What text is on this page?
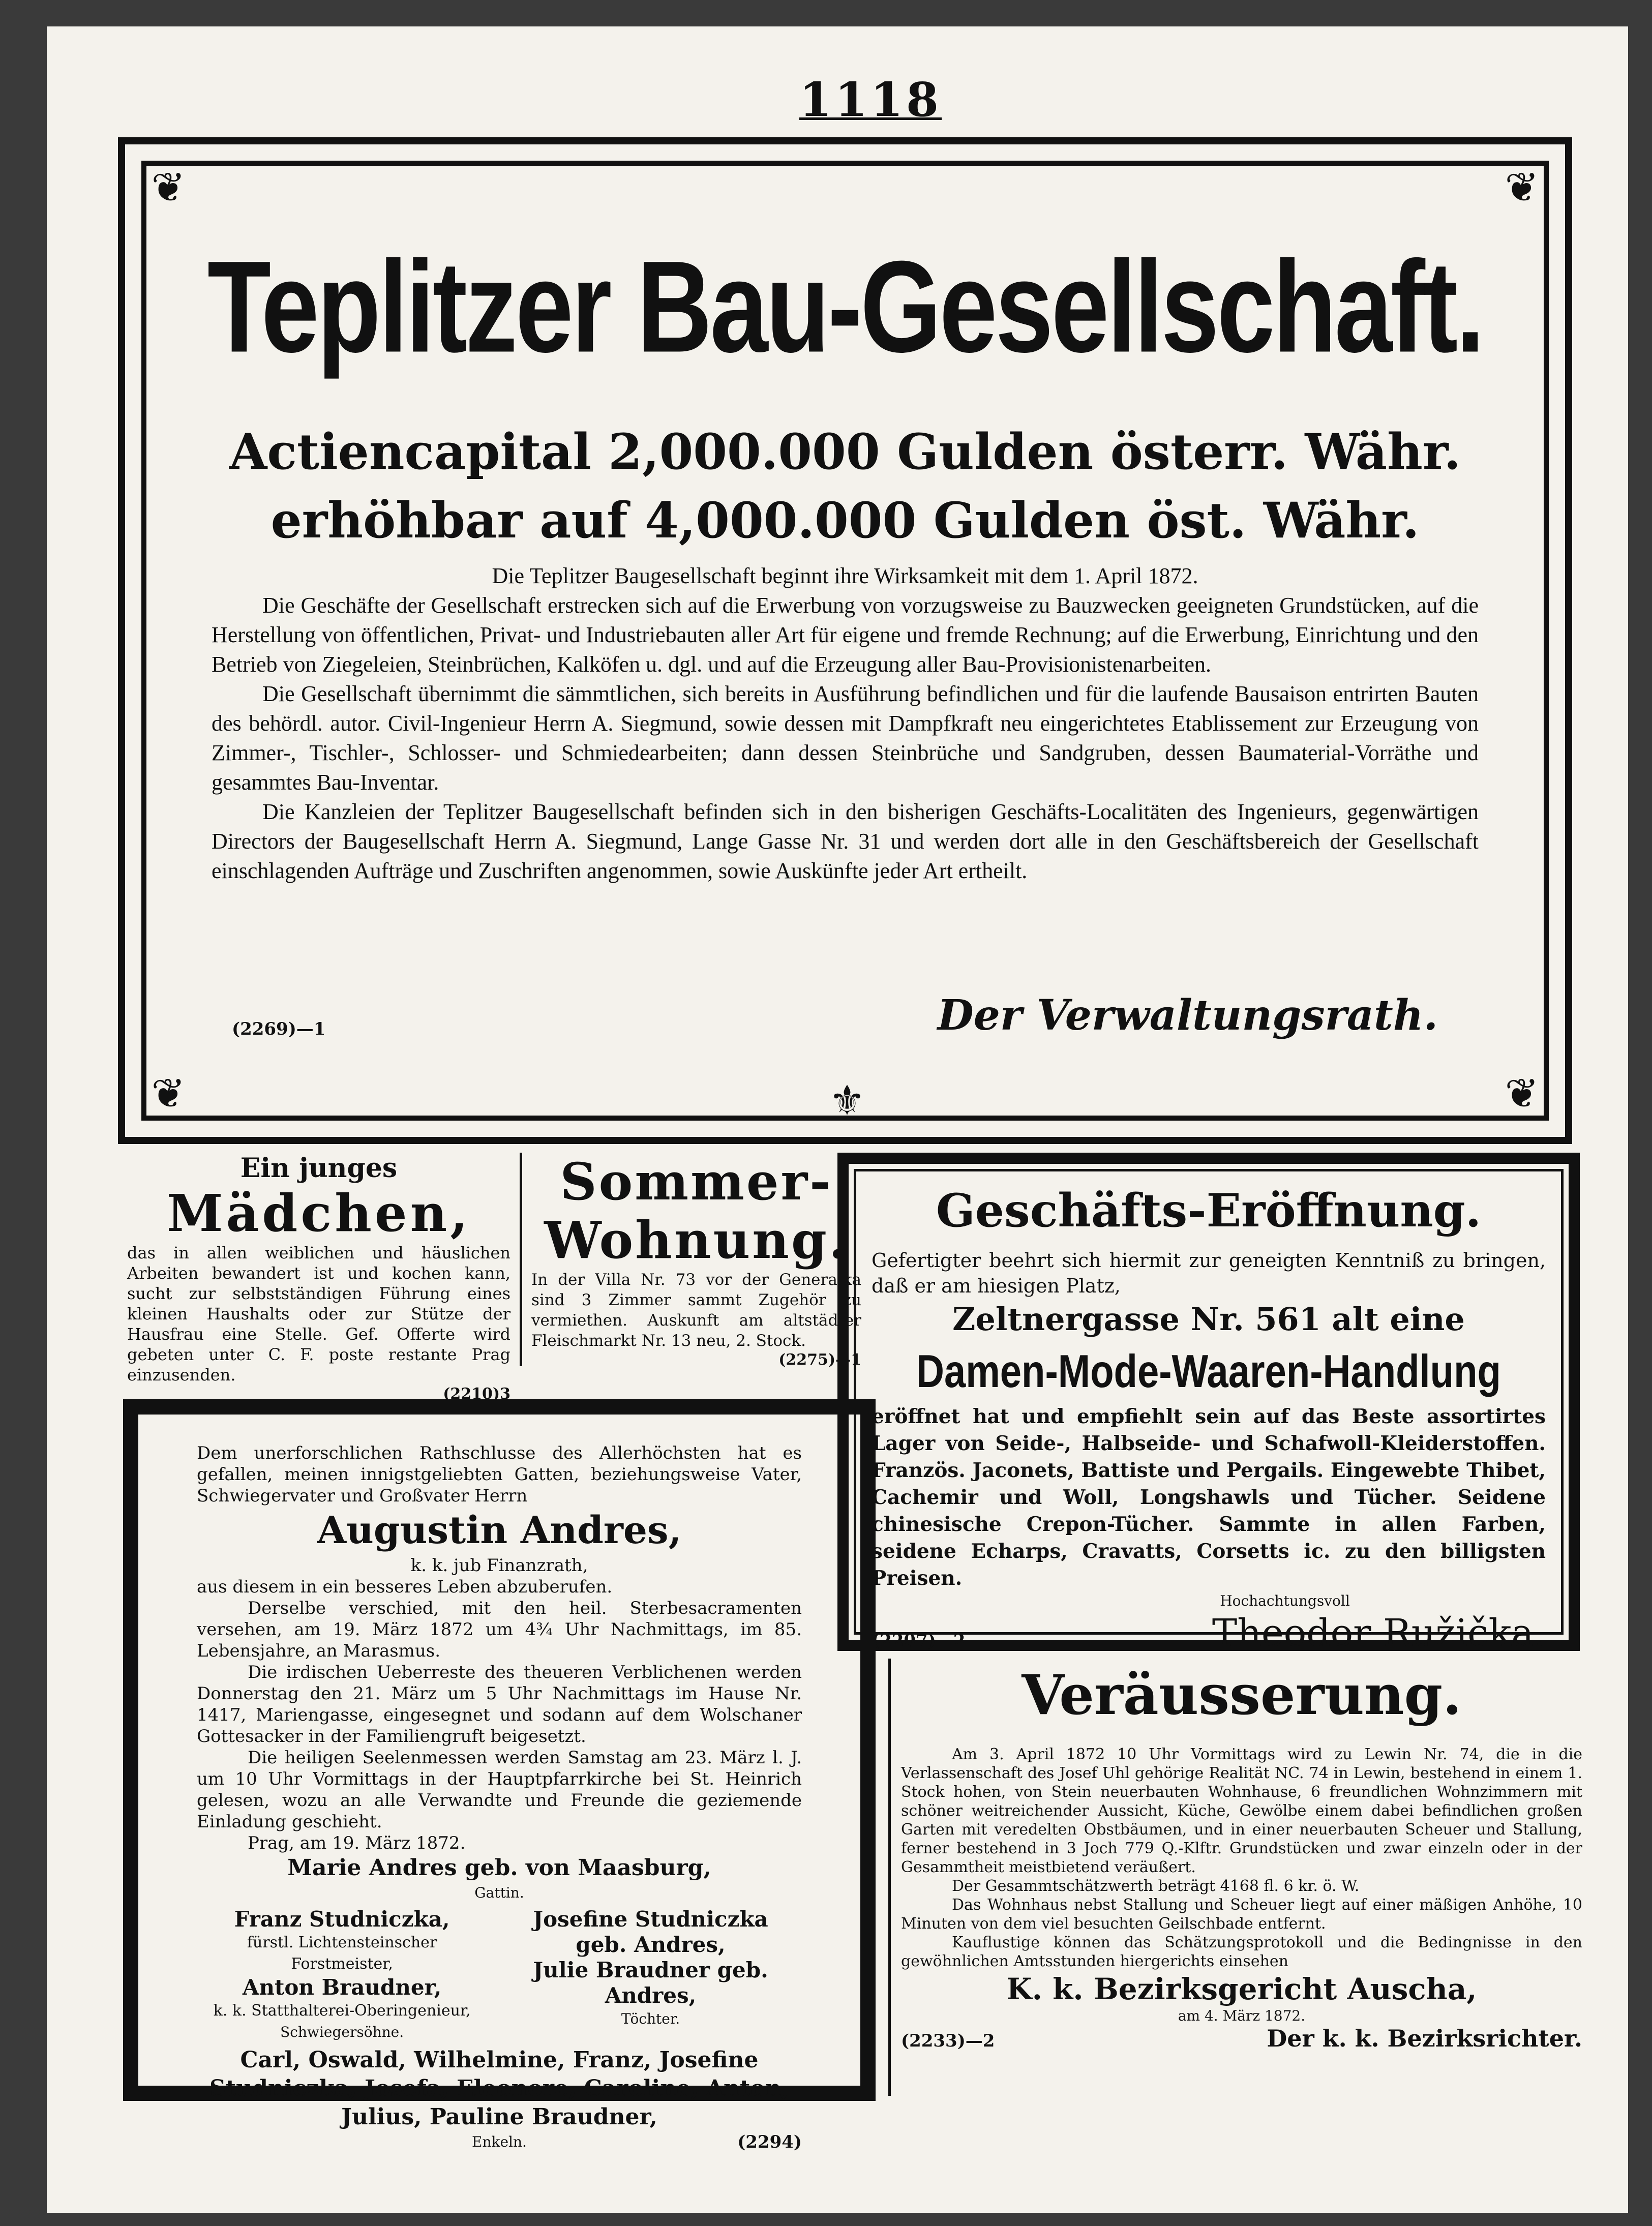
1118
❦	❦
❦	❦
⚜
Teplitzer Bau-Gesellschaft.
Actiencapital 2,000.000 Gulden österr. Währ.
erhöhbar auf 4,000.000 Gulden öst. Währ.

Die Teplitzer Baugesellschaft beginnt ihre Wirksamkeit mit dem 1. April 1872.

Die Geschäfte der Gesellschaft erstrecken sich auf die Erwerbung von vorzugsweise zu Bauzwecken geeigneten Grundstücken, auf die Herstellung von öffentlichen, Privat- und Industriebauten aller Art für eigene und fremde Rechnung; auf die Erwerbung, Einrichtung und den Betrieb von Ziegeleien, Steinbrüchen, Kalköfen u. dgl. und auf die Erzeugung aller Bau-Provisionistenarbeiten.

Die Gesellschaft übernimmt die sämmtlichen, sich bereits in Ausführung befindlichen und für die laufende Bausaison entrirten Bauten des behördl. autor. Civil-Ingenieur Herrn A. Siegmund, sowie dessen mit Dampfkraft neu eingerichtetes Etablissement zur Erzeugung von Zimmer-, Tischler-, Schlosser- und Schmiedearbeiten; dann dessen Steinbrüche und Sandgruben, dessen Baumaterial-Vorräthe und gesammtes Bau-Inventar.

Die Kanzleien der Teplitzer Baugesellschaft befinden sich in den bisherigen Geschäfts-Localitäten des Ingenieurs, gegenwärtigen Directors der Baugesellschaft Herrn A. Siegmund, Lange Gasse Nr. 31 und werden dort alle in den Geschäftsbereich der Gesellschaft einschlagenden Aufträge und Zuschriften angenommen, sowie Auskünfte jeder Art ertheilt.

(2269)—1	Der Verwaltungsrath.
Ein junges
Mädchen,

das in allen weiblichen und häuslichen Arbeiten bewandert ist und kochen kann, sucht zur selbstständigen Führung eines kleinen Haushalts oder zur Stütze der Hausfrau eine Stelle. Gef. Offerte wird gebeten unter C. F. poste restante Prag einzusenden.

(2210)3
Sommer-
Wohnung.

In der Villa Nr. 73 vor der Generalka sind 3 Zimmer sammt Zugehör zu vermiethen. Auskunft am altstädter Fleischmarkt Nr. 13 neu, 2. Stock.

(2275)—1
Geschäfts-Eröffnung.

Gefertigter beehrt sich hiermit zur geneigten Kenntniß zu bringen, daß er am hiesigen Platz,

Zeltnergasse Nr. 561 alt eine
Damen-Mode-Waaren-Handlung

eröffnet hat und empfiehlt sein auf das Beste assortirtes Lager von Seide-, Halbseide- und Schafwoll-Kleiderstoffen. Französ. Jaconets, Battiste und Pergails. Eingewebte Thibet, Cachemir und Woll, Longshawls und Tücher. Seidene chinesische Crepon-Tücher. Sammte in allen Farben, seidene Echarps, Cravatts, Corsetts ic. zu den billigsten Preisen.

Hochachtungsvoll
(2207)—2	Theodor Ružička.

Dem unerforschlichen Rathschlusse des Allerhöchsten hat es gefallen, meinen innigstgeliebten Gatten, beziehungsweise Vater, Schwiegervater und Großvater Herrn

Augustin Andres,
k. k. jub Finanzrath,

aus diesem in ein besseres Leben abzuberufen.

Derselbe verschied, mit den heil. Sterbesacramenten versehen, am 19. März 1872 um 4¾ Uhr Nachmittags, im 85. Lebensjahre, an Marasmus.

Die irdischen Ueberreste des theueren Verblichenen werden Donnerstag den 21. März um 5 Uhr Nachmittags im Hause Nr. 1417, Mariengasse, eingesegnet und sodann auf dem Wolschaner Gottesacker in der Familiengruft beigesetzt.

Die heiligen Seelenmessen werden Samstag am 23. März l. J. um 10 Uhr Vormittags in der Hauptpfarrkirche bei St. Heinrich gelesen, wozu an alle Verwandte und Freunde die geziemende Einladung geschieht.

Prag, am 19. März 1872.

Marie Andres geb. von Maasburg,
Gattin.
Franz Studniczka,
fürstl. Lichtensteinscher Forstmeister,
Anton Braudner,
k. k. Statthalterei-Oberingenieur,
Schwiegersöhne.
Josefine Studniczka
geb. Andres,
Julie Braudner geb. Andres,
Töchter.

Carl, Oswald, Wilhelmine, Franz, Josefine Studniczka, Josefa, Eleonore, Caroline, Anton, Julius, Pauline Braudner,

Enkeln.	(2294)
Veräusserung.

Am 3. April 1872 10 Uhr Vormittags wird zu Lewin Nr. 74, die in die Verlassenschaft des Josef Uhl gehörige Realität NC. 74 in Lewin, bestehend in einem 1. Stock hohen, von Stein neuerbauten Wohnhause, 6 freundlichen Wohnzimmern mit schöner weitreichender Aussicht, Küche, Gewölbe einem dabei befindlichen großen Garten mit veredelten Obstbäumen, und in einer neuerbauten Scheuer und Stallung, ferner bestehend in 3 Joch 779 Q.-Klftr. Grundstücken und zwar einzeln oder in der Gesammtheit meistbietend veräußert.

Der Gesammtschätzwerth beträgt 4168 fl. 6 kr. ö. W.

Das Wohnhaus nebst Stallung und Scheuer liegt auf einer mäßigen Anhöhe, 10 Minuten von dem viel besuchten Geilschbade entfernt.

Kauflustige können das Schätzungsprotokoll und die Bedingnisse in den gewöhnlichen Amtsstunden hiergerichts einsehen

K. k. Bezirksgericht Auscha,
am 4. März 1872.
(2233)—2	Der k. k. Bezirksrichter.
